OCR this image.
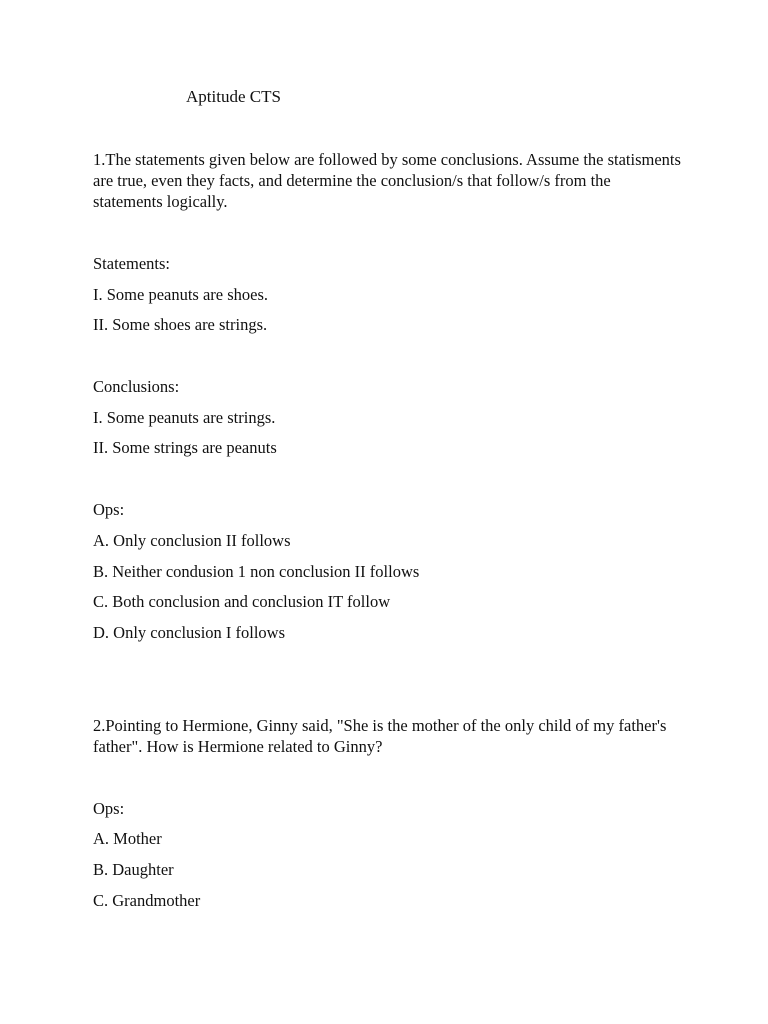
Aptitude CTS

1.The statements given below are followed by some conclusions. Assume the statisments are true, even they facts, and determine the conclusion/s that follow/s from the statements logically.

Statements:

I. Some peanuts are shoes.

II. Some shoes are strings.

Conclusions:

I. Some peanuts are strings.

II. Some strings are peanuts

Ops:

A. Only conclusion II follows

B. Neither condusion 1 non conclusion II follows

C. Both conclusion and conclusion IT follow

D. Only conclusion I follows

2.Pointing to Hermione, Ginny said, "She is the mother of the only child of my father's father". How is Hermione related to Ginny?

Ops:

A. Mother

B. Daughter

C. Grandmother
